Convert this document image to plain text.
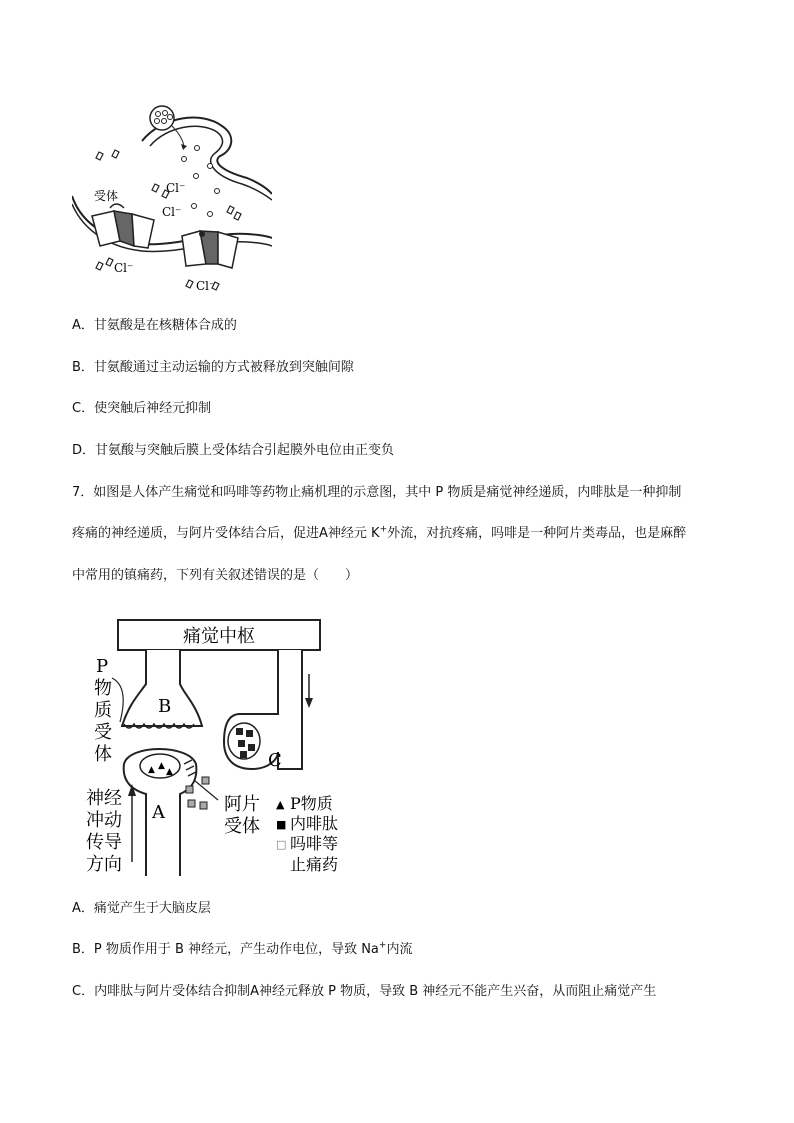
受体
Cl⁻
Cl⁻
Cl⁻
Cl⁻
A．甘氨酸是在核糖体合成的
B．甘氨酸通过主动运输的方式被释放到突触间隙
C．使突触后神经元抑制
D．甘氨酸与突触后膜上受体结合引起膜外电位由正变负
7．如图是人体产生痛觉和吗啡等药物止痛机理的示意图，其中 P 物质是痛觉神经递质，内啡肽是一种抑制
疼痛的神经递质，与阿片受体结合后，促进A神经元 K+外流，对抗疼痛，吗啡是一种阿片类毒品，也是麻醉
中常用的镇痛药，下列有关叙述错误的是（　　）
痛觉中枢
B
▲ ▲
▲
A
C
P
物
质
受
体
神经
冲动
传导
方向
阿片
受体
▲ P物质
■ 内啡肽
□ 吗啡等
止痛药
A．痛觉产生于大脑皮层
B．P 物质作用于 B 神经元，产生动作电位，导致 Na+内流
C．内啡肽与阿片受体结合抑制A神经元释放 P 物质，导致 B 神经元不能产生兴奋，从而阻止痛觉产生
